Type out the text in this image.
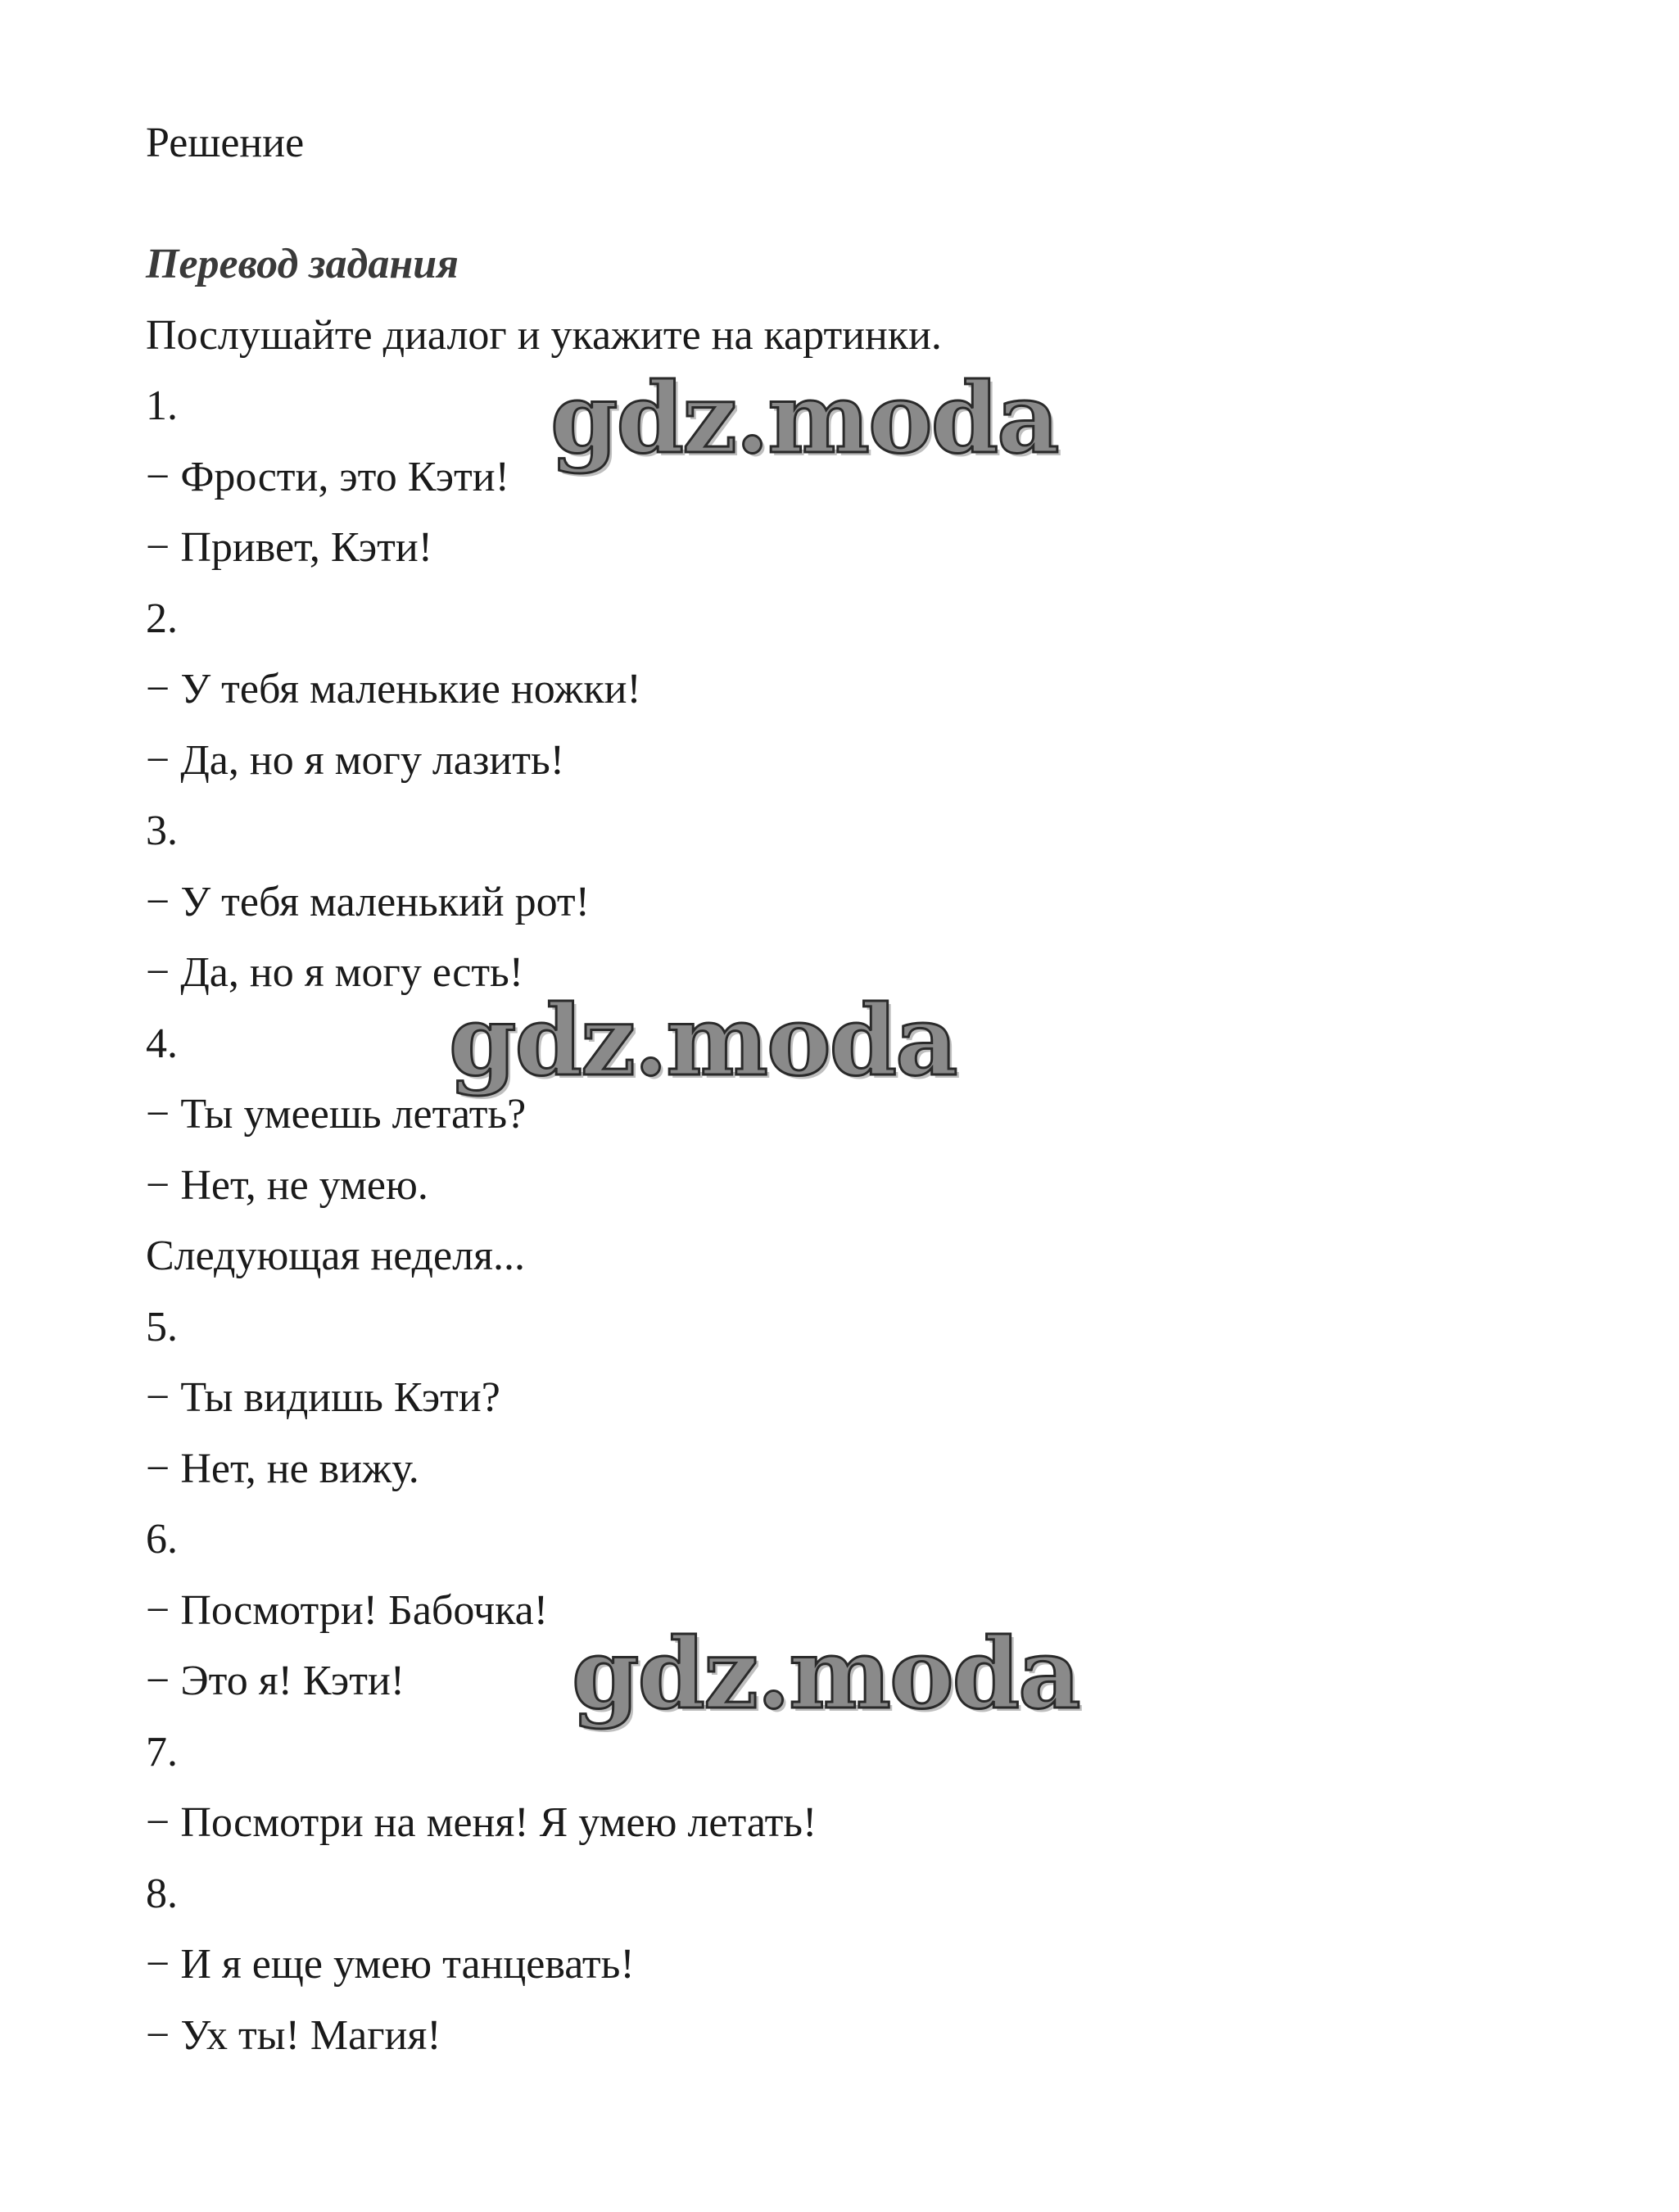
Решение
Перевод задания
Послушайте диалог и укажите на картинки.
1.
− Фрости, это Кэти!
− Привет, Кэти!
2.
− У тебя маленькие ножки!
− Да, но я могу лазить!
3.
− У тебя маленький рот!
− Да, но я могу есть!
4.
− Ты умеешь летать?
− Нет, не умею.
Следующая неделя...
5.
− Ты видишь Кэти?
− Нет, не вижу.
6.
− Посмотри! Бабочка!
− Это я! Кэти!
7.
− Посмотри на меня! Я умею летать!
8.
− И я еще умею танцевать!
− Ух ты! Магия!
gdz.moda
gdz.moda
gdz.moda
